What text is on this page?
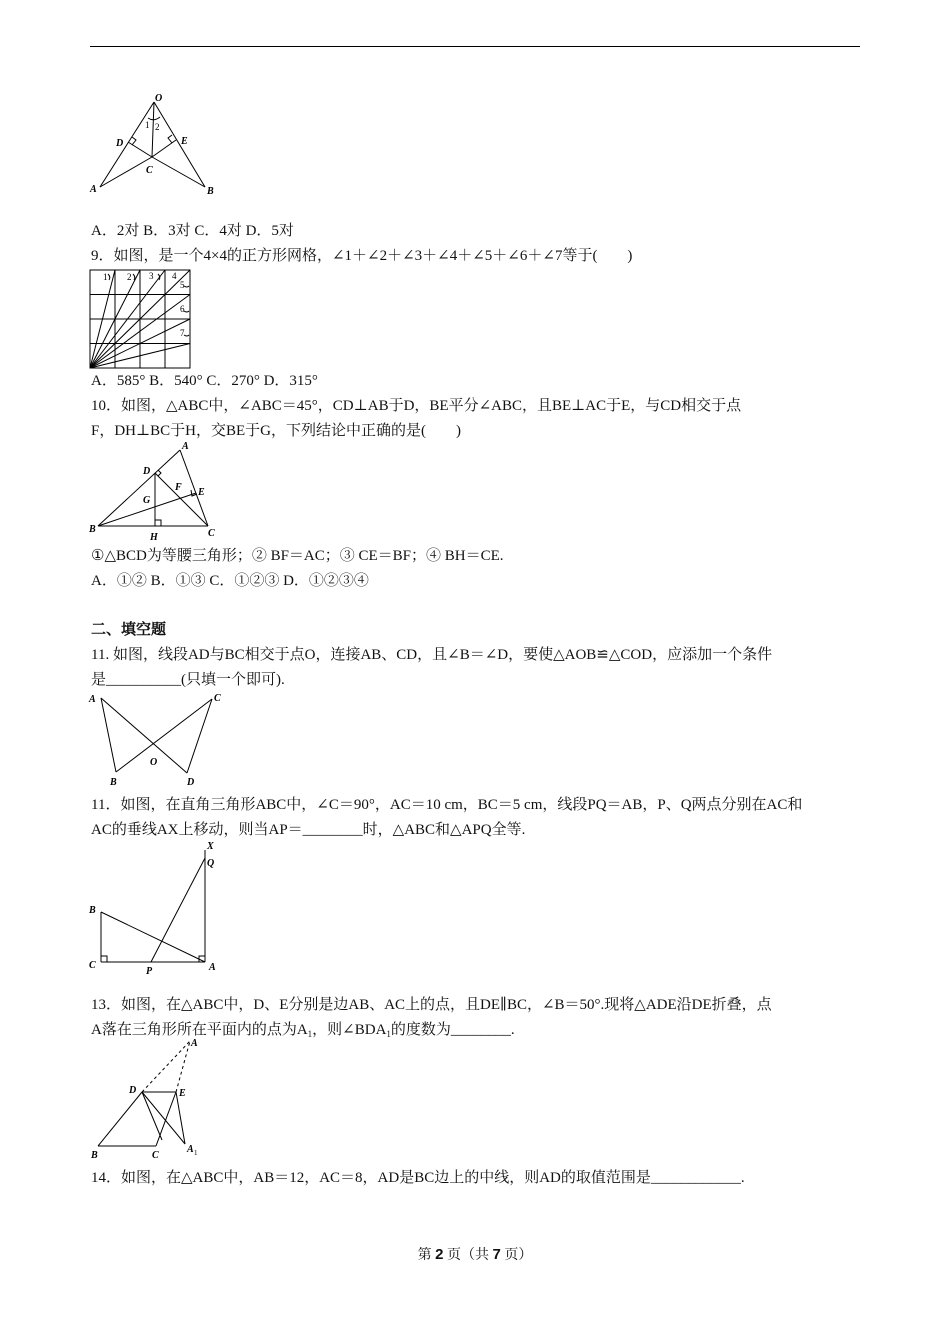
O
A	B
C
D	E
1 2
A．2对 B．3对 C．4对 D．5对
9．如图，是一个4×4的正方形网格，∠1＋∠2＋∠3＋∠4＋∠5＋∠6＋∠7等于(　　)
1 2 3 4
5
6
7
A．585° B．540° C．270° D．315°
10．如图，△ABC中，∠ABC＝45°，CD⊥AB于D，BE平分∠ABC，且BE⊥AC于E，与CD相交于点
F，DH⊥BC于H，交BE于G，下列结论中正确的是(　　)
A
B	C
D
E
F
G
H
①△BCD为等腰三角形；② BF＝AC；③ CE＝BF；④ BH＝CE.
A．①② B．①③ C．①②③ D．①②③④
二、填空题
11. 如图，线段AD与BC相交于点O，连接AB、CD，且∠B＝∠D，要使△AOB≌△COD，应添加一个条件
是__________(只填一个即可).
A
B
C
D
O
11．如图，在直角三角形ABC中，∠C＝90°，AC＝10 cm，BC＝5 cm，线段PQ＝AB，P、Q两点分别在AC和
AC的垂线AX上移动，则当AP＝________时，△ABC和△APQ全等.
X
Q
B
C
P	A
13．如图，在△ABC中，D、E分别是边AB、AC上的点，且DE∥BC，∠B＝50°.现将△ADE沿DE折叠，点
A落在三角形所在平面内的点为$A_1$，则$\angle BDA_1$的度数为________.
A
D	E
B	C
A 1
14．如图，在△ABC中，AB＝12，AC＝8，AD是BC边上的中线，则AD的取值范围是____________.
第 2 页（共 7 页）
